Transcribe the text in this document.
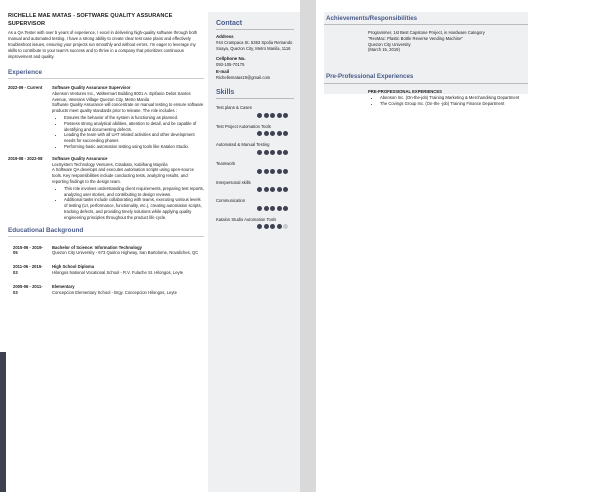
RICHELLE MAE MATAS - SOFTWARE QUALITY ASSURANCE SUPERVISOR
As a QA Tester with over 5 years of experience, I excel in delivering high-quality software through both manual and automated testing. I have a strong ability to create clear test case plans and effectively troubleshoot issues, ensuring your projects run smoothly and without errors. I'm eager to leverage my skills to contribute to your team's success and to thrive in a company that prioritizes continuous improvement and quality.
Experience
2022-09 - Current	Software Quality Assurance Supervisor
Abenson Ventures Inc., Waltermart Building 8001 A. Epifanio Delos Santos Avenue, Veterans Village Quezon City, Metro Manila
Software Quality Assurance will concentrate on manual testing to ensure software products meet quality standards prior to release. The role includes :
• Ensures the behavior of the system is functioning as planned.
• Possess strong analytical abilities, attention to detail, and be capable of identifying and documenting defects.
• Leading the team with all UAT related activities and other development needs for succeeding phases
• Performing basic automation testing using tools like Katalon Studio.
2019-08 - 2022-08	Software Quality Assurance
LexSystem Technology Ventures, Cotabato, Kabihang Maynila
A Software QA develops and executes automation scripts using open-source tools. Key responsibilities include conducting tests, analyzing results, and reporting findings to the design team.
• This role involves understanding client requirements, preparing test reports, analyzing user stories, and contributing to design reviews.
• Additional tasks include collaborating with teams, executing various levels of testing (UI, performance, functionality, etc.), creating automation scripts, tracking defects, and providing timely solutions while applying quality engineering principles throughout the product life cycle.
Educational Background
2015-06 - 2019-05
Bachelor of Science: Information Technology
Quezon City University - 673 Quirino Highway, San Bartolome, Novaliches, QC
2011-06 - 2015-03
High School Diploma
Hilongos National Vocational School - R.V. Fulache St. Hilongos, Leyte
2005-06 - 2011-03
Elementary
Concepcion Elementary School - Brgy. Concepcion Hilongos, Leyte
Contact
Address
#44 Crampaca St. 5353 Spolia Remando Soaya, Quezon City, Metro Manila, 1116
Cellphone No.
093-105-70175
E-mail
Richellematas19@gmail.com
Skills
Test plans & Cases
Test Project Automation Tools
Automated & Manual Testing
Teamwork
Interpersonal skills
Communication
Katalon Studio Automation Tools
Achievements/Responsibilities
Programmer, 1st Best Capstone Project, in Hardware Category
"RevMac: Plastic Bottle Reverse Vending Machine"
Quezon City University
(March 15, 2019)
Pre-Professional Experiences
PRE-PROFESSIONAL EXPERIENCES
• Abenson Inc. (On-the-job) Training Marketing & Merchandising Department
• The Covings Group Inc. (On-the -job) Training Finance Department
